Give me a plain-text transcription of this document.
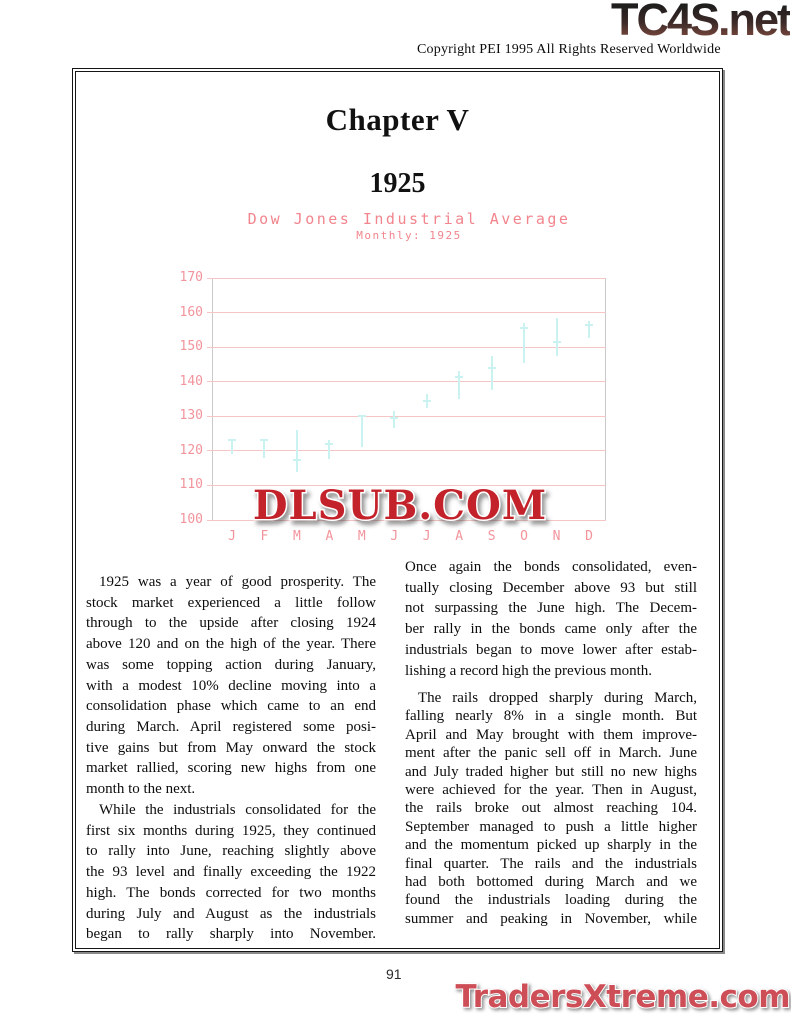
TC4S.net
Copyright PEI 1995 All Rights Reserved Worldwide
Chapter V
1925
Dow Jones Industrial Average
Monthly: 1925
100
110
120
130
140
150
160
170
J F M A M J J A S O N D
DLSUB.COM
1925 was a year of good prosperity. The
stock market experienced a little follow
through to the upside after closing 1924
above 120 and on the high of the year. There
was some topping action during January,
with a modest 10% decline moving into a
consolidation phase which came to an end
during March. April registered some posi-
tive gains but from May onward the stock
market rallied, scoring new highs from one
month to the next.
While the industrials consolidated for the
first six months during 1925, they continued
to rally into June, reaching slightly above
the 93 level and finally exceeding the 1922
high. The bonds corrected for two months
during July and August as the industrials
began to rally sharply into November.
Once again the bonds consolidated, even-
tually closing December above 93 but still
not surpassing the June high. The Decem-
ber rally in the bonds came only after the
industrials began to move lower after estab-
lishing a record high the previous month.
The rails dropped sharply during March,
falling nearly 8% in a single month. But
April and May brought with them improve-
ment after the panic sell off in March. June
and July traded higher but still no new highs
were achieved for the year. Then in August,
the rails broke out almost reaching 104.
September managed to push a little higher
and the momentum picked up sharply in the
final quarter. The rails and the industrials
had both bottomed during March and we
found the industrials loading during the
summer and peaking in November, while
91
TradersXtreme.com
